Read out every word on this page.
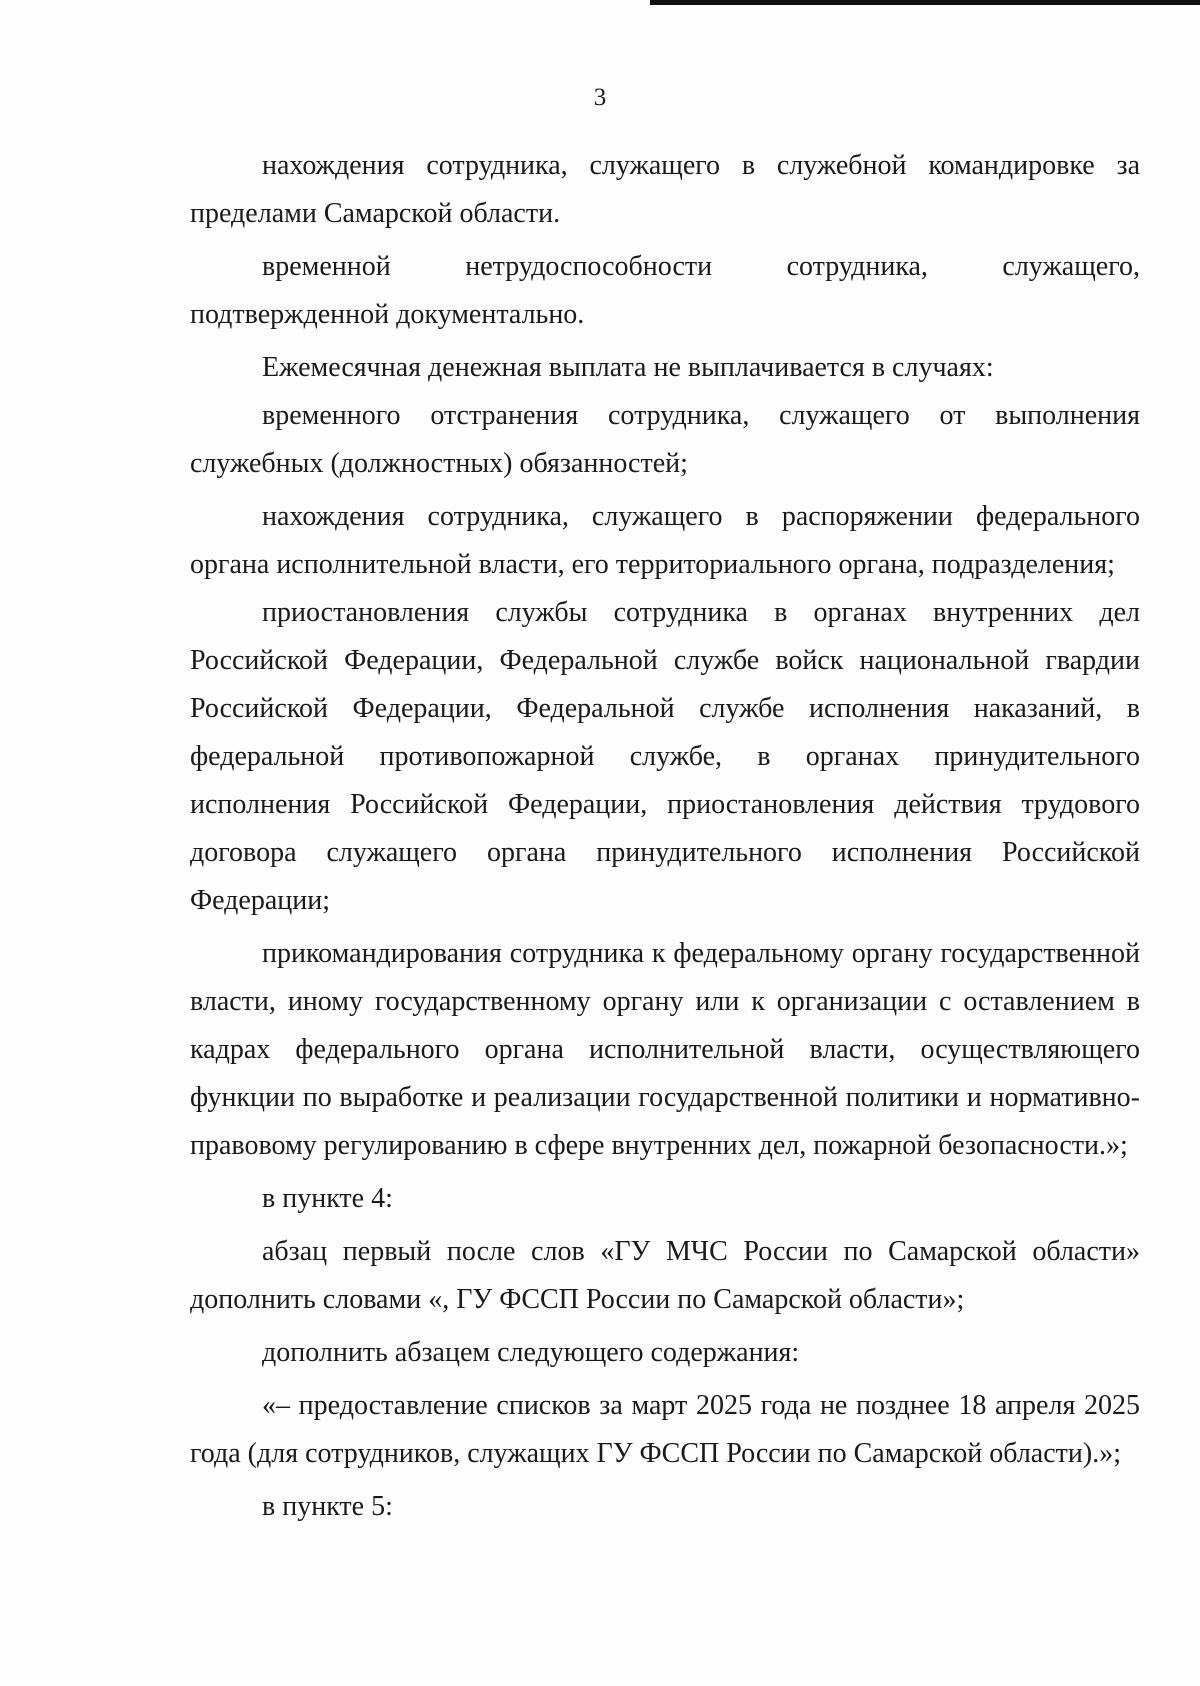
3

нахождения сотрудника, служащего в служебной командировке за пределами Самарской области.

временной нетрудоспособности сотрудника, служащего, подтвержденной документально.

Ежемесячная денежная выплата не выплачивается в случаях:

временного отстранения сотрудника, служащего от выполнения служебных (должностных) обязанностей;

нахождения сотрудника, служащего в распоряжении федерального органа исполнительной власти, его территориального органа, подразделения;

приостановления службы сотрудника в органах внутренних дел Российской Федерации, Федеральной службе войск национальной гвардии Российской Федерации, Федеральной службе исполнения наказаний, в федеральной противопожарной службе, в органах принудительного исполнения Российской Федерации, приостановления действия трудового договора служащего органа принудительного исполнения Российской Федерации;

прикомандирования сотрудника к федеральному органу государственной власти, иному государственному органу или к организации с оставлением в кадрах федерального органа исполнительной власти, осуществляющего функции по выработке и реализации государственной политики и нормативно-правовому регулированию в сфере внутренних дел, пожарной безопасности.»;

в пункте 4:

абзац первый после слов «ГУ МЧС России по Самарской области» дополнить словами «, ГУ ФССП России по Самарской области»;

дополнить абзацем следующего содержания:

«– предоставление списков за март 2025 года не позднее 18 апреля 2025 года (для сотрудников, служащих ГУ ФССП России по Самарской области).»;

в пункте 5:
